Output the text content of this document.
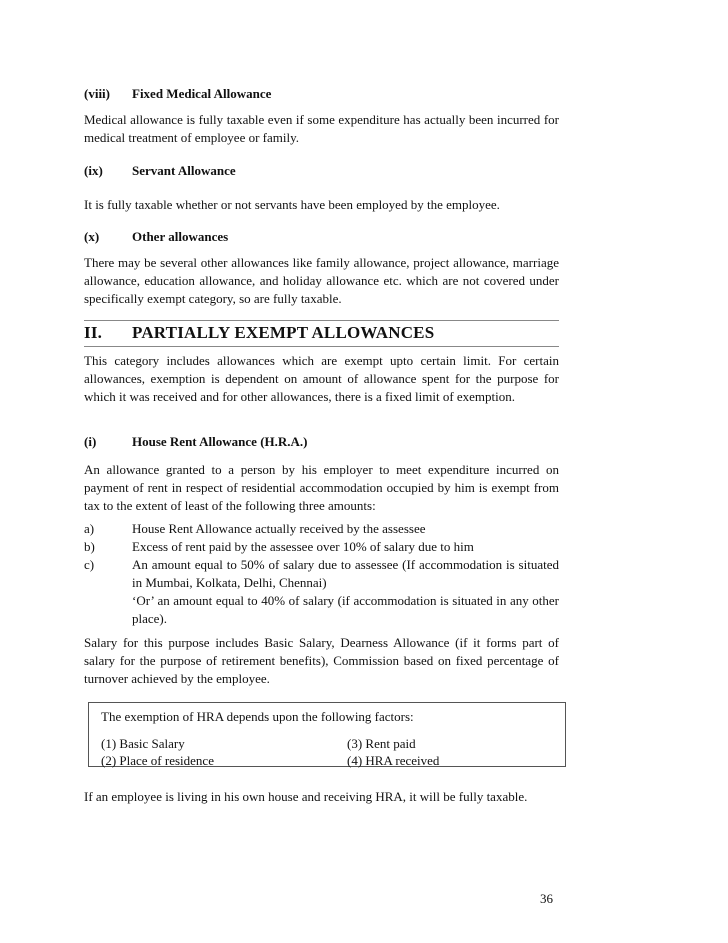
(viii)	Fixed Medical Allowance

Medical allowance is fully taxable even if some expenditure has actually been incurred for medical treatment of employee or family.

(ix)	Servant Allowance

It is fully taxable whether or not servants have been employed by the employee.

(x)	Other allowances

There may be several other allowances like family allowance, project allowance, marriage allowance, education allowance, and holiday allowance etc. which are not covered under specifically exempt category, so are fully taxable.

II.	PARTIALLY EXEMPT ALLOWANCES

This category includes allowances which are exempt upto certain limit. For certain allowances, exemption is dependent on amount of allowance spent for the purpose for which it was received and for other allowances, there is a fixed limit of exemption.

(i)	House Rent Allowance (H.R.A.)

An allowance granted to a person by his employer to meet expenditure incurred on payment of rent in respect of residential accommodation occupied by him is exempt from tax to the extent of least of the following three amounts:

a)	House Rent Allowance actually received by the assessee
b)	Excess of rent paid by the assessee over 10% of salary due to him
c)	An amount equal to 50% of salary due to assessee (If accommodation is situated in Mumbai, Kolkata, Delhi, Chennai)
‘Or’ an amount equal to 40% of salary (if accommodation is situated in any other place).

Salary for this purpose includes Basic Salary, Dearness Allowance (if it forms part of salary for the purpose of retirement benefits), Commission based on fixed percentage of turnover achieved by the employee.

The exemption of HRA depends upon the following factors:
(1) Basic Salary
(2) Place of residence
(3) Rent paid
(4) HRA received

If an employee is living in his own house and receiving HRA, it will be fully taxable.

36
